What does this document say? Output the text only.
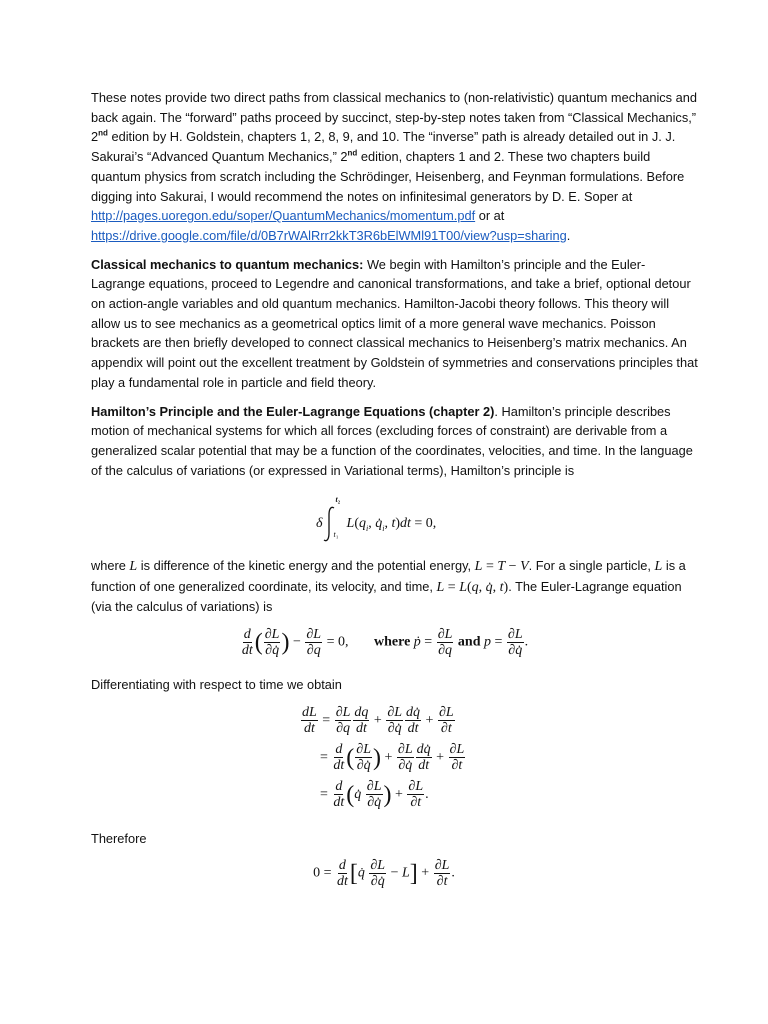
These notes provide two direct paths from classical mechanics to (non-relativistic) quantum mechanics and back again. The “forward” paths proceed by succinct, step-by-step notes taken from “Classical Mechanics,” 2nd edition by H. Goldstein, chapters 1, 2, 8, 9, and 10. The “inverse” path is already detailed out in J. J. Sakurai’s “Advanced Quantum Mechanics,” 2nd edition, chapters 1 and 2. These two chapters build quantum physics from scratch including the Schrödinger, Heisenberg, and Feynman formulations. Before digging into Sakurai, I would recommend the notes on infinitesimal generators by D. E. Soper at http://pages.uoregon.edu/soper/QuantumMechanics/momentum.pdf or at https://drive.google.com/file/d/0B7rWAlRrr2kkT3R6bElWMl91T00/view?usp=sharing.

Classical mechanics to quantum mechanics: We begin with Hamilton’s principle and the Euler-Lagrange equations, proceed to Legendre and canonical transformations, and take a brief, optional detour on action-angle variables and old quantum mechanics. Hamilton-Jacobi theory follows. This theory will allow us to see mechanics as a geometrical optics limit of a more general wave mechanics. Poisson brackets are then briefly developed to connect classical mechanics to Heisenberg’s matrix mechanics. An appendix will point out the excellent treatment by Goldstein of symmetries and conservations principles that play a fundamental role in particle and field theory.

Hamilton’s Principle and the Euler-Lagrange Equations (chapter 2). Hamilton’s principle describes motion of mechanical systems for which all forces (excluding forces of constraint) are derivable from a generalized scalar potential that may be a function of the coordinates, velocities, and time. In the language of the calculus of variations (or expressed in Variational terms), Hamilton’s principle is

δ
t₁
t₂
$L(q_i$, $q̇_i$, t)dt = 0,

where L is difference of the kinetic energy and the potential energy, L = T − V. For a single particle, L is a function of one generalized coordinate, its velocity, and time, L = L(q, q̇, t). The Euler-Lagrange equation (via the calculus of variations) is

$\frac{d}{dt}$ ( $\frac{\partial L}{\partial q̇}$ ) − $\frac{\partial L}{\partial q} = 0$, where ṗ = $\frac{\partial L}{\partial q}$ and $p = \frac{\partial L}{\partial q̇}$ .

Differentiating with respect to time we obtain

$\frac{dL}{dt} = \frac{\partial L}{\partial q} \frac{dq}{dt} + \frac{\partial L}{\partial q̇} \frac{dq̇}{dt} + \frac{\partial L}{\partial t}$
= $\frac{d}{dt}$ ( $\frac{\partial L}{\partial q̇}$ ) + $\frac{\partial L}{\partial q̇} \frac{dq̇}{dt} + \frac{\partial L}{\partial t}$
= $\frac{d}{dt}$ ( q̇
$\frac{\partial L}{\partial q̇}$ ) + $\frac{\partial L}{\partial t}$ .

Therefore

$0 = \frac{d}{dt}$ [q̇ $\frac{\partial L}{\partial q̇} - L] + \frac{\partial L}{\partial t}$ .
